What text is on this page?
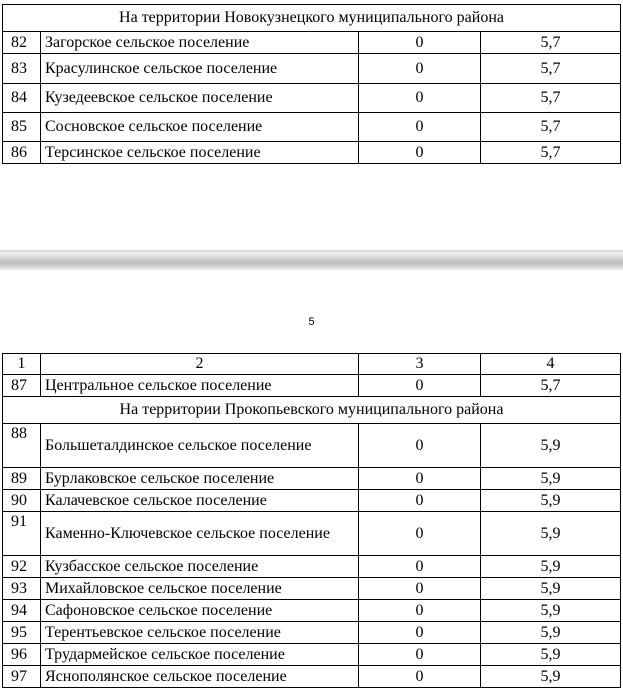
На территории Новокузнецкого муниципального района			
82	Загорское сельское поселение	0	5,7
83	Красулинское сельское поселение	0	5,7
84	Кузедеевское сельское поселение	0	5,7
85	Сосновское сельское поселение	0	5,7
86	Терсинское сельское поселение	0	5,7
5
1	2	3	4
87	Центральное сельское поселение	0	5,7
На территории Прокопьевского муниципального района			
88	Большеталдинское сельское поселение	0	5,9
89	Бурлаковское сельское поселение	0	5,9
90	Калачевское сельское поселение	0	5,9
91	Каменно-Ключевское сельское поселение	0	5,9
92	Кузбасское сельское поселение	0	5,9
93	Михайловское сельское поселение	0	5,9
94	Сафоновское сельское поселение	0	5,9
95	Терентьевское сельское поселение	0	5,9
96	Трудармейское сельское поселение	0	5,9
97	Яснополянское сельское поселение	0	5,9
